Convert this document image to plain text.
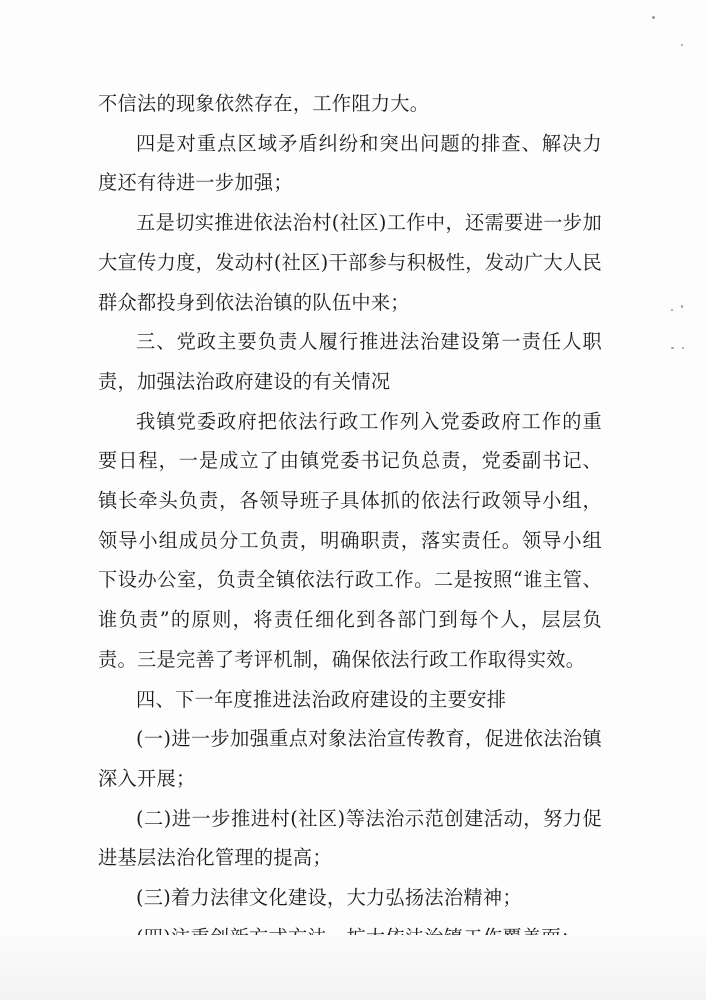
不信法的现象依然存在，工作阻力大。

四是对重点区域矛盾纠纷和突出问题的排查、解决力度还有待进一步加强；

五是切实推进依法治村(社区)工作中，还需要进一步加大宣传力度，发动村(社区)干部参与积极性，发动广大人民群众都投身到依法治镇的队伍中来；

三、党政主要负责人履行推进法治建设第一责任人职责，加强法治政府建设的有关情况

我镇党委政府把依法行政工作列入党委政府工作的重要日程，一是成立了由镇党委书记负总责，党委副书记、镇长牵头负责，各领导班子具体抓的依法行政领导小组，领导小组成员分工负责，明确职责，落实责任。领导小组下设办公室，负责全镇依法行政工作。二是按照“谁主管、谁负责”的原则，将责任细化到各部门到每个人，层层负责。三是完善了考评机制，确保依法行政工作取得实效。

四、下一年度推进法治政府建设的主要安排

(一)进一步加强重点对象法治宣传教育，促进依法治镇深入开展；

(二)进一步推进村(社区)等法治示范创建活动，努力促进基层法治化管理的提高；

(三)着力法律文化建设，大力弘扬法治精神；
